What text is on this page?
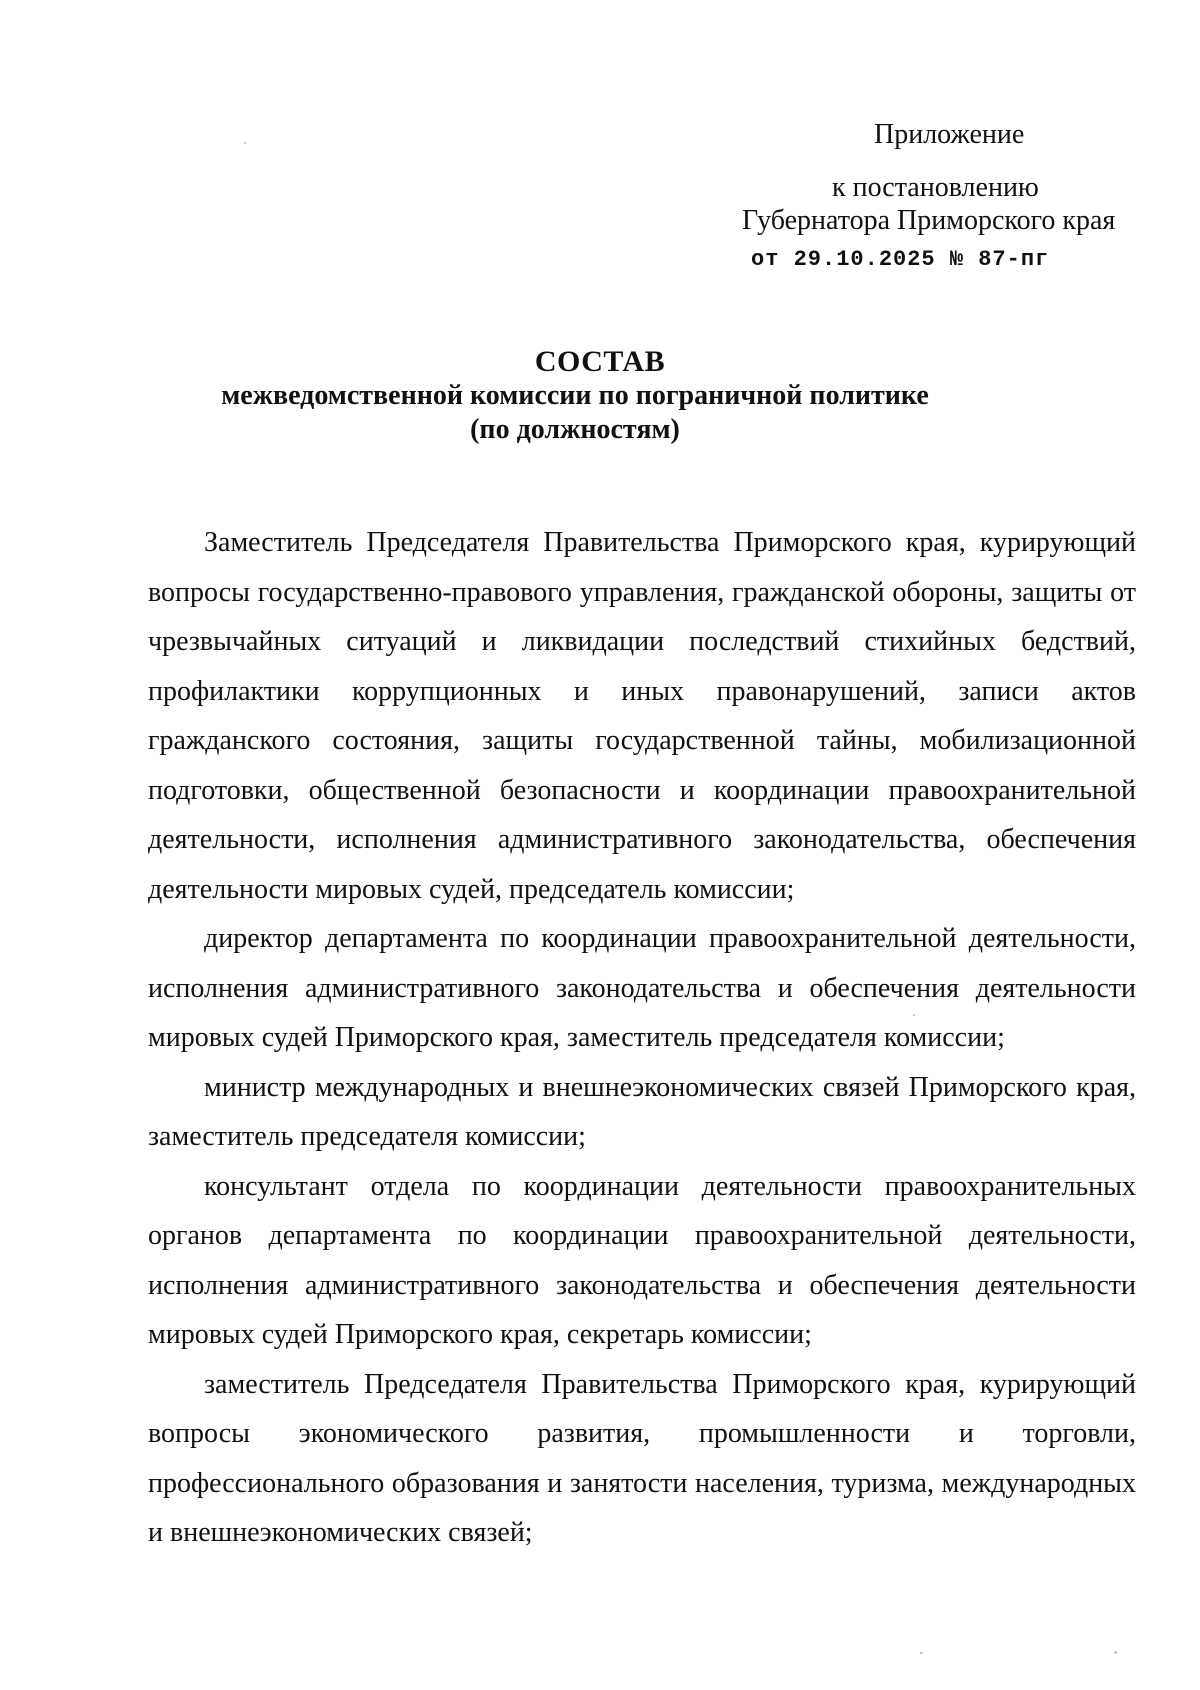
Приложение
к постановлению
Губернатора Приморского края
от 29.10.2025 № 87-пг
СОСТАВ
межведомственной комиссии по пограничной политике
(по должностям)

Заместитель Председателя Правительства Приморского края, курирующий вопросы государственно-правового управления, гражданской обороны, защиты от чрезвычайных ситуаций и ликвидации последствий стихийных бедствий, профилактики коррупционных и иных правонарушений, записи актов гражданского состояния, защиты государственной тайны, мобилизационной подготовки, общественной безопасности и координации правоохранительной деятельности, исполнения административного законодательства, обеспечения деятельности мировых судей, председатель комиссии;

директор департамента по координации правоохранительной деятельности, исполнения административного законодательства и обеспечения деятельности мировых судей Приморского края, заместитель председателя комиссии;

министр международных и внешнеэкономических связей Приморского края, заместитель председателя комиссии;

консультант отдела по координации деятельности правоохранительных органов департамента по координации правоохранительной деятельности, исполнения административного законодательства и обеспечения деятельности мировых судей Приморского края, секретарь комиссии;

заместитель Председателя Правительства Приморского края, курирующий вопросы экономического развития, промышленности и торговли, профессионального образования и занятости населения, туризма, международных и внешнеэкономических связей;
